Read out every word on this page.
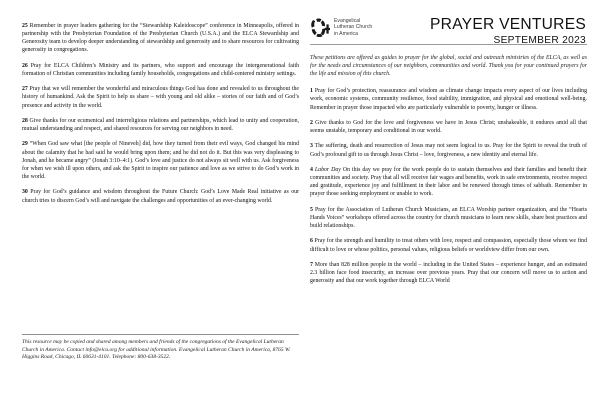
25 Remember in prayer leaders gathering for the “Stewardship Kaleidoscope” conference in Minneapolis, offered in partnership with the Presbyterian Foundation of the Presbyterian Church (U.S.A.) and the ELCA Stewardship and Generosity team to develop deeper understanding of stewardship and generosity and to share resources for cultivating generosity in congregations.

26 Pray for ELCA Children’s Ministry and its partners, who support and encourage the intergenerational faith formation of Christian communities including family households, congregations and child-centered ministry settings.

27 Pray that we will remember the wonderful and miraculous things God has done and revealed to us throughout the history of humankind. Ask the Spirit to help us share – with young and old alike – stories of our faith and of God’s presence and activity in the world.

28 Give thanks for our ecumenical and interreligious relations and partnerships, which lead to unity and cooperation, mutual understanding and respect, and shared resources for serving our neighbors in need.

29 “When God saw what [the people of Nineveh] did, how they turned from their evil ways, God changed his mind about the calamity that he had said he would bring upon them; and he did not do it. But this was very displeasing to Jonah, and he became angry” (Jonah 3:10–4:1). God’s love and justice do not always sit well with us. Ask forgiveness for when we wish ill upon others, and ask the Spirit to inspire our patience and love as we strive to do God’s work in the world.

30 Pray for God’s guidance and wisdom throughout the Future Church: God’s Love Made Real initiative as our church tries to discern God’s will and navigate the challenges and opportunities of an ever-changing world.

This resource may be copied and shared among members and friends of the congregations of the Evangelical Lutheran Church in America. Contact info@elca.org for additional information. Evangelical Lutheran Church in America, 8765 W. Higgins Road, Chicago, IL 60631-4101. Telephone: 800-638-3522.
Evangelical
Lutheran Church
in America
PRAYER VENTURES
SEPTEMBER 2023

These petitions are offered as guides to prayer for the global, social and outreach ministries of the ELCA, as well as for the needs and circumstances of our neighbors, communities and world. Thank you for your continued prayers for the life and mission of this church.

1 Pray for God’s protection, reassurance and wisdom as climate change impacts every aspect of our lives including work, economic systems, community resilience, food stability, immigration, and physical and emotional well-being. Remember in prayer those impacted who are particularly vulnerable to poverty, hunger or illness.

2 Give thanks to God for the love and forgiveness we have in Jesus Christ; unshakeable, it endures amid all that seems unstable, temporary and conditional in our world.

3 The suffering, death and resurrection of Jesus may not seem logical to us. Pray for the Spirit to reveal the truth of God’s profound gift to us through Jesus Christ – love, forgiveness, a new identity and eternal life.

4 Labor Day On this day we pray for the work people do to sustain themselves and their families and benefit their communities and society. Pray that all will receive fair wages and benefits, work in safe environments, receive respect and gratitude, experience joy and fulfillment in their labor and be renewed through times of sabbath. Remember in prayer those seeking employment or unable to work.

5 Pray for the Association of Lutheran Church Musicians, an ELCA Worship partner organization, and the “Hearts Hands Voices” workshops offered across the country for church musicians to learn new skills, share best practices and build relationships.

6 Pray for the strength and humility to treat others with love, respect and compassion, especially those whom we find difficult to love or whose politics, personal values, religious beliefs or worldview differ from our own.

7 More than 828 million people in the world – including in the United States – experience hunger, and an estimated 2.3 billion face food insecurity, an increase over previous years. Pray that our concern will move us to action and generosity and that our work together through ELCA World
